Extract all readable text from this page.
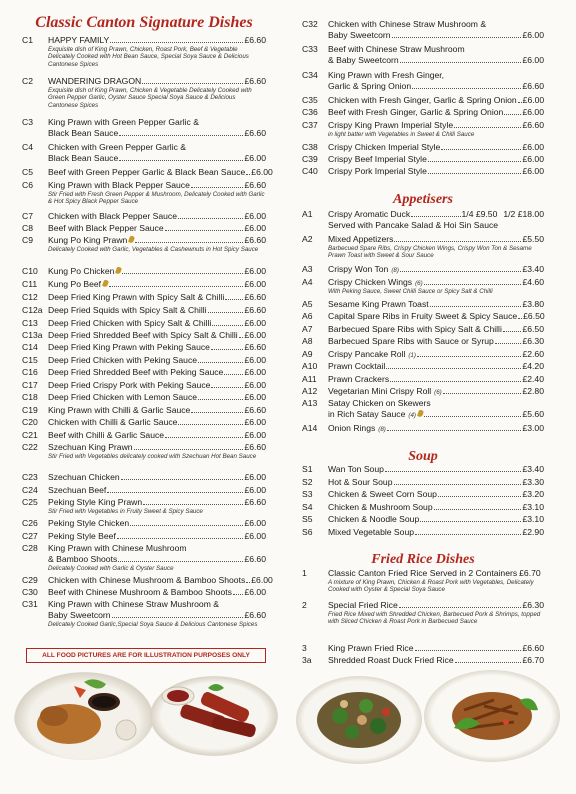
Classic Canton Signature Dishes
C1	HAPPY FAMILY	£6.60
Exquisite dish of King Prawn, Chicken, Roast Pork, Beef & Vegetable Delicately Cooked with Hot Bean Sauce, Special Soya Sauce & Delicious Cantonese Spices
C2	WANDERING DRAGON	£6.60
Exquisite dish of King Prawn, Chicken & Vegetable Delicately Cooked with Green Pepper Garlic, Oyster Sauce Special Soya Sauce & Delicious Cantonese Spices
C3	King Prawn with Green Pepper Garlic &
Black Bean Sauce	£6.60
C4	Chicken with Green Pepper Garlic &
Black Bean Sauce	£6.00
C5	Beef with Green Pepper Garlic & Black Bean Sauce £6.00
C6	King Prawn with Black Pepper Sauce	£6.60
Stir Fried with Fresh Green Pepper & Mushroom, Delicately Cooked with Garlic & Hot Spicy Black Pepper Sauce
C7	Chicken with Black Pepper Sauce	£6.00
C8	Beef with Black Pepper Sauce	£6.00
C9	Kung Po King Prawn	£6.60
Delicately Cooked with Garlic, Vegetables & Cashewnuts in Hot Spicy Sauce
C10	Kung Po Chicken	£6.00
C11	Kung Po Beef	£6.00
C12	Deep Fried King Prawn with Spicy Salt & Chilli £6.60
C12a Deep Fried Squids with Spicy Salt & Chilli	£6.60
C13	Deep Fried Chicken with Spicy Salt & Chilli	£6.00
C13a Deep Fried Shredded Beef with Spicy Salt & Chilli £6.00
C14	Deep Fried King Prawn with Peking Sauce	£6.60
C15	Deep Fried Chicken with Peking Sauce	£6.00
C16	Deep Fried Shredded Beef with Peking Sauce £6.00
C17	Deep Fried Crispy Pork with Peking Sauce	£6.00
C18	Deep Fried Chicken with Lemon Sauce	£6.00
C19	King Prawn with Chilli & Garlic Sauce	£6.60
C20	Chicken with Chilli & Garlic Sauce	£6.00
C21	Beef with Chilli & Garlic Sauce	£6.00
C22	Szechuan King Prawn	£6.60
Stir Fried with Vegetables delicately cooked with Szechuan Hot Bean Sauce
C23	Szechuan Chicken	£6.00
C24	Szechuan Beef	£6.00
C25	Peking Style King Prawn	£6.60
Stir Fried with Vegetables in Fruity Sweet & Spicy Sauce
C26	Peking Style Chicken	£6.00
C27	Peking Style Beef	£6.00
C28	King Prawn with Chinese Mushroom
& Bamboo Shoots	£6.60
Delicately Cooked with Garlic & Oyster Sauce
C29	Chicken with Chinese Mushroom & Bamboo Shoots £6.00
C30	Beef with Chinese Mushroom & Bamboo Shoots £6.00
C31	King Prawn with Chinese Straw Mushroom &
Baby Sweetcorn	£6.60
Delicately Cooked Garlic,Special Soya Sauce & Delicious Cantonese Spices
ALL FOOD PICTURES ARE FOR ILLUSTRATION PURPOSES ONLY
C32	Chicken with Chinese Straw Mushroom &
Baby Sweetcorn	£6.00
C33	Beef with Chinese Straw Mushroom
& Baby Sweetcorn	£6.00
C34	King Prawn with Fresh Ginger,
Garlic & Spring Onion	£6.60
C35	Chicken with Fresh Ginger, Garlic & Spring Onion £6.00
C36	Beef with Fresh Ginger, Garlic & Spring Onion £6.00
C37	Crispy King Prawn Imperial Style	£6.60
in light batter with Vegetables in Sweet & Chilli Sauce
C38	Crispy Chicken Imperial Style	£6.00
C39	Crispy Beef Imperial Style	£6.00
C40	Crispy Pork Imperial Style	£6.00
Appetisers
A1	Crispy Aromatic Duck	1/4 £9.50 1/2 £18.00
Served with Pancake Salad & Hoi Sin Sauce
A2	Mixed Appetizers	£5.50
Barbecued Spare Ribs, Crispy Chicken Wings, Crispy Won Ton & Sesame Prawn Toast with Sweet & Sour Sauce
A3	Crispy Won Ton (8)	£3.40
A4	Crispy Chicken Wings (6)	£4.60
With Peking Sauce, Sweet Chilli Sauce or Spicy Salt & Chilli
A5	Sesame King Prawn Toast	£3.80
A6	Capital Spare Ribs in Fruity Sweet & Spicy Sauce £6.50
A7	Barbecued Spare Ribs with Spicy Salt & Chilli £6.50
A8	Barbecued Spare Ribs with Sauce or Syrup	£6.30
A9	Crispy Pancake Roll (1)	£2.60
A10	Prawn Cocktail	£4.20
A11	Prawn Crackers	£2.40
A12	Vegetarian Mini Crispy Roll (6)	£2.80
A13	Satay Chicken on Skewers
in Rich Satay Sauce (4)	£5.60
A14	Onion Rings (8)	£3.00
Soup
S1	Wan Ton Soup	£3.40
S2	Hot & Sour Soup	£3.30
S3	Chicken & Sweet Corn Soup	£3.20
S4	Chicken & Mushroom Soup	£3.10
S5	Chicken & Noodle Soup	£3.10
S6	Mixed Vegetable Soup	£2.90
Fried Rice Dishes
1	Classic Canton Fried Rice Served in 2 Containers £6.70
A mixture of King Prawn, Chicken & Roast Pork with Vegetables, Delicately Cooked with Oyster & Special Soya Sauce
2	Special Fried Rice	£6.30
Fried Rice Mixed with Shredded Chicken, Barbecued Pork & Shrimps, topped with Sliced Chicken & Roast Pork in Barbecued Sauce
3	King Prawn Fried Rice	£6.60
3a	Shredded Roast Duck Fried Rice	£6.70
